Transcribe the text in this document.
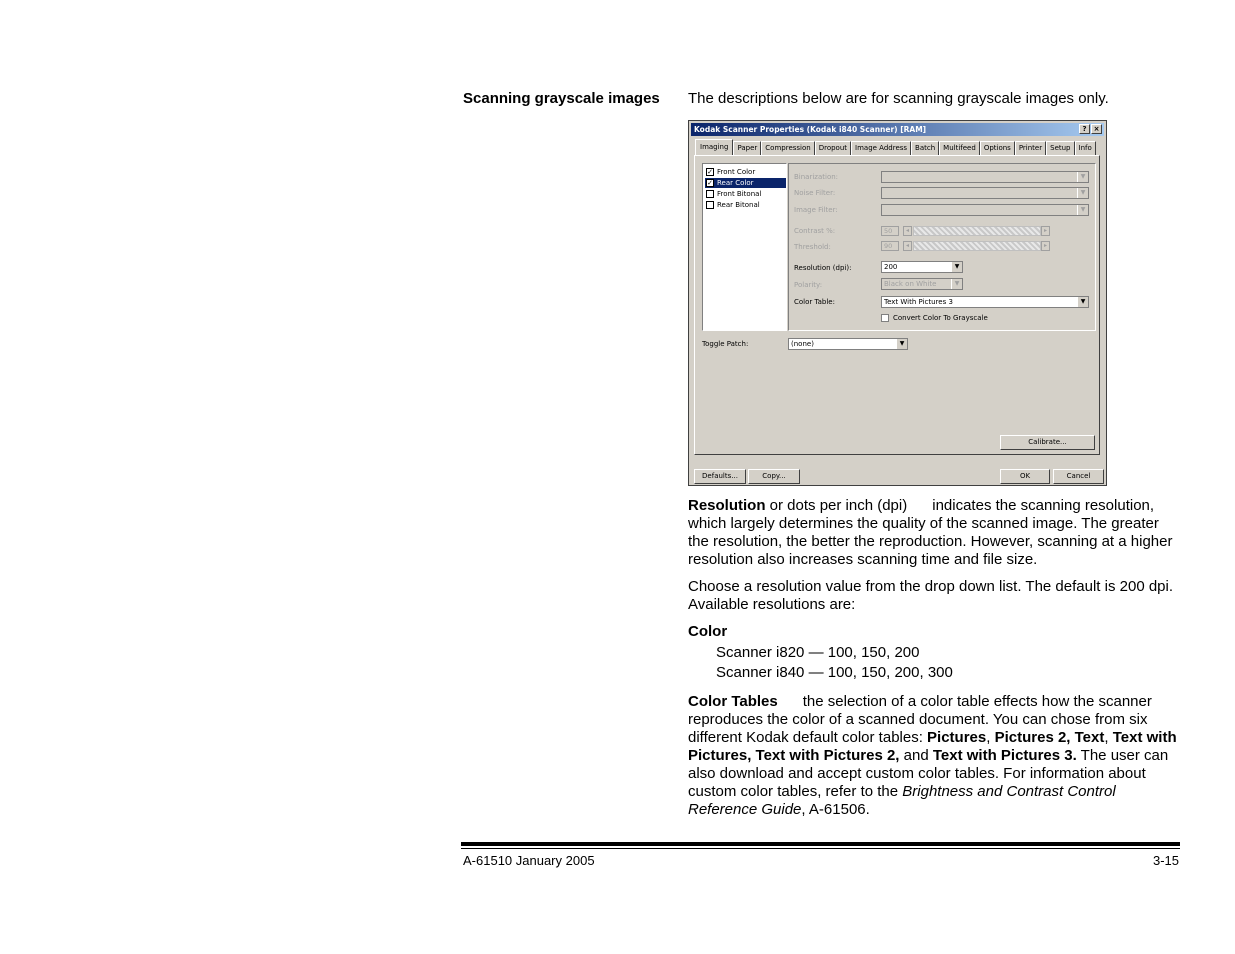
Scanning grayscale images The descriptions below are for scanning grayscale images only.
Kodak Scanner Properties (Kodak i840 Scanner) [RAM]	?	×
Imaging	Paper	Compression	Dropout	Image Address	Batch	Multifeed	Options	Printer	Setup	Info
✓ Front Color
✓ Rear Color
Front Bitonal
Rear Bitonal
Binarization:	▼
Noise Filter:	▼
Image Filter:	▼
Contrast %:	50	◂	▸
Threshold:	90	◂	▸
Resolution (dpi):	200	▼
Polarity:	Black on White	▼
Color Table:	Text With Pictures 3	▼
Convert Color To Grayscale
Toggle Patch:	(none)	▼
Calibrate...
Defaults...	Copy...	OK	Cancel
Resolution or dots per inch (dpi)      indicates the scanning resolution, which largely determines the quality of the scanned image. The greater the resolution, the better the reproduction. However, scanning at a higher resolution also increases scanning time and file size.
Choose a resolution value from the drop down list. The default is 200 dpi. Available resolutions are:
Color
Scanner i820 — 100, 150, 200
Scanner i840 — 100, 150, 200, 300
Color Tables      the selection of a color table effects how the scanner reproduces the color of a scanned document. You can chose from six different Kodak default color tables: Pictures, Pictures 2, Text, Text with Pictures, Text with Pictures 2, and Text with Pictures 3. The user can also download and accept custom color tables. For information about custom color tables, refer to the Brightness and Contrast Control Reference Guide, A-61506.
A-61510 January 2005	3-15
